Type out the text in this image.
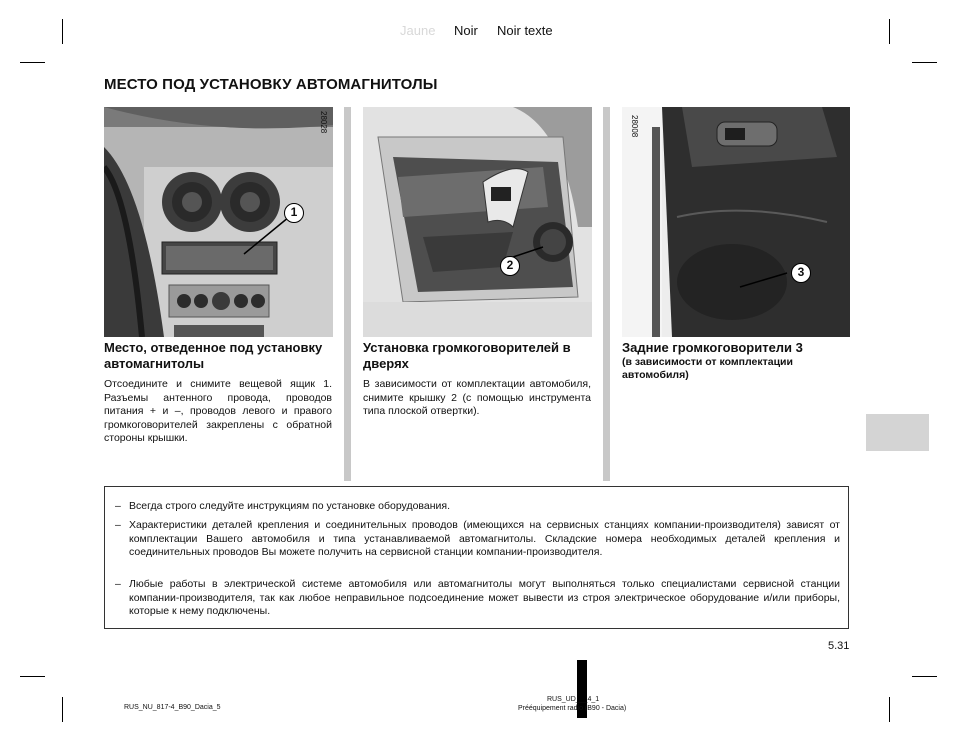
Jaune Noir Noir texte
МЕСТО ПОД УСТАНОВКУ АВТОМАГНИТОЛЫ
1
28028
2	3
28008
Место, отведенное под установку автомагнитолы
Отсоедините и снимите вещевой ящик 1. Разъемы антенного провода, проводов питания + и –, проводов левого и правого громкоговорителей закреплены с обратной стороны крышки.
Установка громкоговорителей в дверях
В зависимости от комплектации автомобиля, снимите крышку 2 (с помощью инструмента типа плоской отвертки).
Задние громкоговорители 3
(в зависимости от комплектации автомобиля)
– Всегда строго следуйте инструкциям по установке оборудования.
– Характеристики деталей крепления и соединительных проводов (имеющихся на сервисных станциях компании-производителя) зависят от комплектации Вашего автомобиля и типа устанавливаемой автомагнитолы. Складские номера необходимых деталей крепления и соединительных проводов Вы можете получить на сервисной станции компании-производителя.
– Любые работы в электрической системе автомобиля или автомагнитолы могут выполняться только специалистами сервисной станции компании-производителя, так как любое неправильное подсоединение может вывести из строя электрическое оборудование и/или приборы, которые к нему подключены.
5.31
RUS_NU_817-4_B90_Dacia_5
RUS_UD___4_1
Prééquipement radio (B90 - Dacia)
